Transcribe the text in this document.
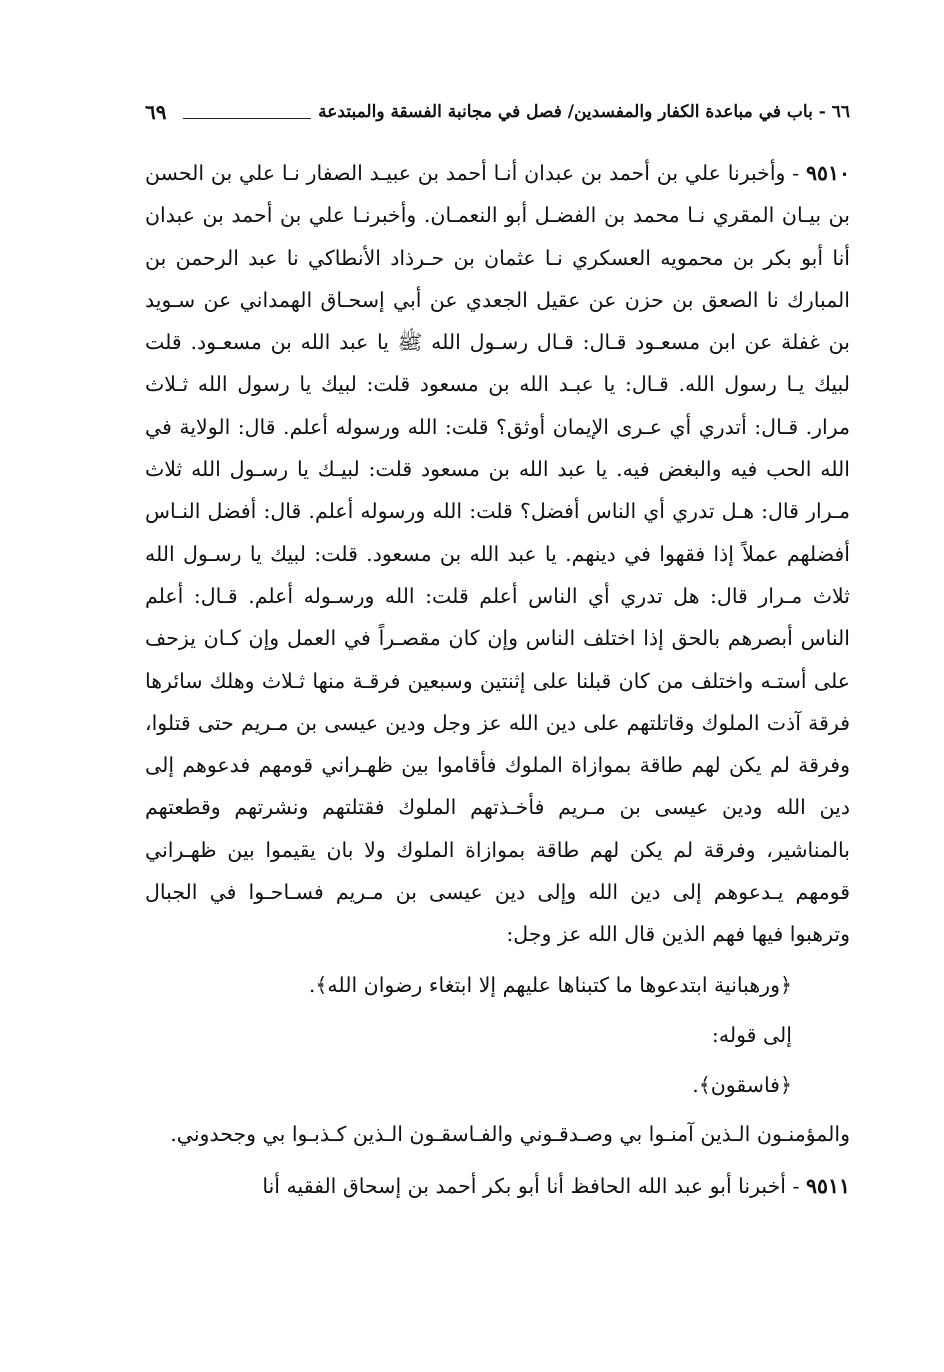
٦٦ - باب في مباعدة الكفار والمفسدين/ فصل في مجانبة الفسقة والمبتدعة
٦٩

٩٥١٠ - وأخبرنا علي بن أحمد بن عبدان أنـا أحمد بن عبيـد الصفار نـا علي بن الحسن بن بيـان المقري نـا محمد بن الفضـل أبو النعمـان. وأخبرنـا علي بن أحمد بن عبدان أنا أبو بكر بن محمويه العسكري نـا عثمان بن حـرذاد الأنطاكي نا عبد الرحمن بن المبارك نا الصعق بن حزن عن عقيل الجعدي عن أبي إسحـاق الهمداني عن سـويد بن غفلة عن ابن مسعـود قـال: قـال رسـول الله ﷺ يا عبد الله بن مسعـود. قلت لبيك يـا رسول الله. قـال: يا عبـد الله بن مسعود قلت: لبيك يا رسول الله ثـلاث مرار. قـال: أتدري أي عـرى الإيمان أوثق؟ قلت: الله ورسوله أعلم. قال: الولاية في الله الحب فيه والبغض فيه. يا عبد الله بن مسعود قلت: لبيـك يا رسـول الله ثلاث مـرار قال: هـل تدري أي الناس أفضل؟ قلت: الله ورسوله أعلم. قال: أفضل النـاس أفضلهم عملاً إذا فقهوا في دينهم. يا عبد الله بن مسعود. قلت: لبيك يا رسـول الله ثلاث مـرار قال: هل تدري أي الناس أعلم قلت: الله ورسـوله أعلم. قـال: أعلم الناس أبصرهم بالحق إذا اختلف الناس وإن كان مقصـراً في العمل وإن كـان يزحف على أستـه واختلف من كان قبلنا على إثنتين وسبعين فرقـة منها ثـلاث وهلك سائرها فرقة آذت الملوك وقاتلتهم على دين الله عز وجل ودين عيسى بن مـريم حتى قتلوا، وفرقة لم يكن لهم طاقة بموازاة الملوك فأقاموا بين ظهـراني قومهم فدعوهم إلى دين الله ودين عيسى بن مـريم فأخـذتهم الملوك فقتلتهم ونشرتهم وقطعتهم بالمناشير، وفرقة لم يكن لهم طاقة بموازاة الملوك ولا بان يقيموا بين ظهـراني قومهم يـدعوهم إلى دين الله وإلى دين عيسى بن مـريم فسـاحـوا في الجبال وترهبوا فيها فهم الذين قال الله عز وجل:

﴿ورهبانية ابتدعوها ما كتبناها عليهم إلا ابتغاء رضوان الله﴾.

إلى قوله:

﴿فاسقون﴾.

والمؤمنـون الـذين آمنـوا بي وصـدقـوني والفـاسقـون الـذين كـذبـوا بي وجحدوني.

٩٥١١ - أخبرنا أبو عبد الله الحافظ أنا أبو بكر أحمد بن إسحاق الفقيه أنا
